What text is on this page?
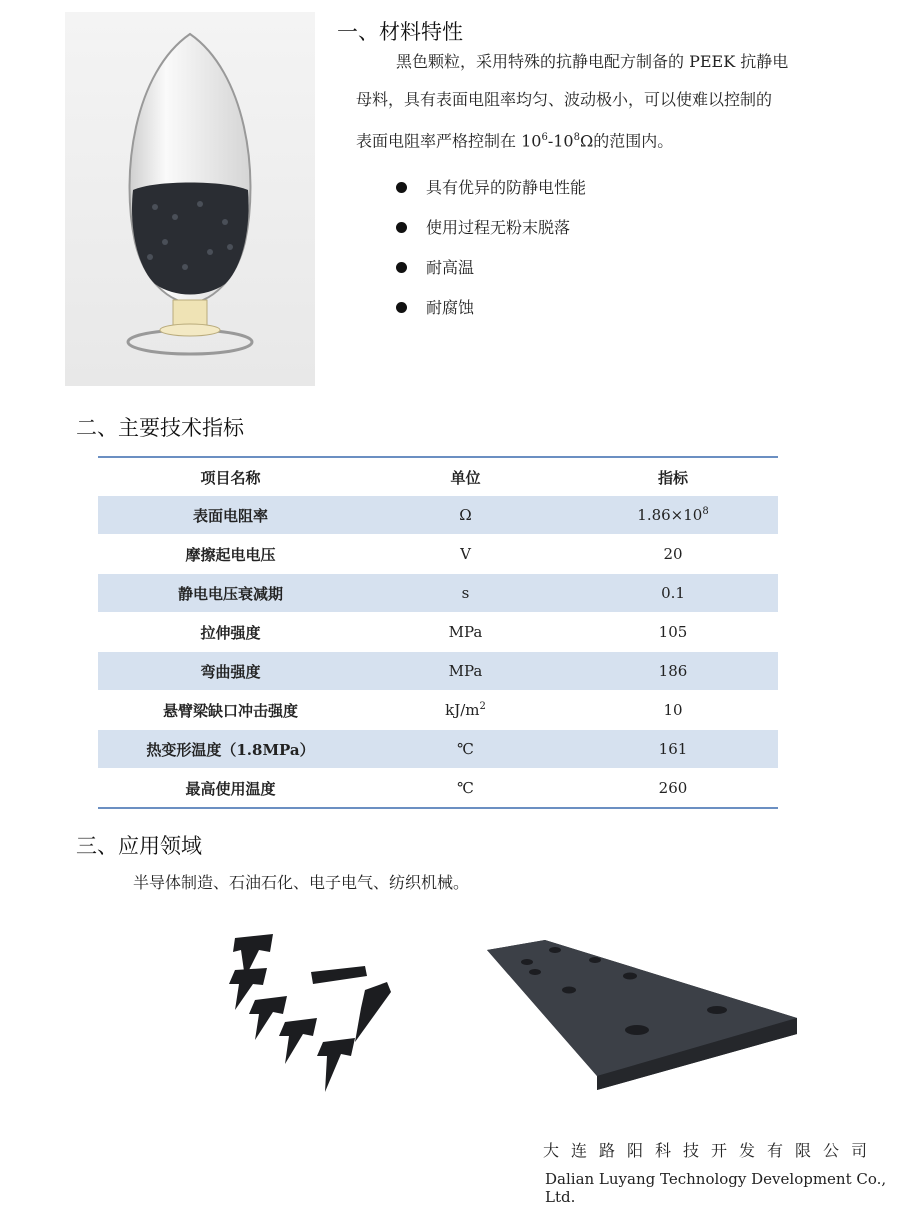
一、材料特性
黑色颗粒，采用特殊的抗静电配方制备的 PEEK 抗静电
母料，具有表面电阻率均匀、波动极小，可以使难以控制的
表面电阻率严格控制在 $10^6-10^8\Omega$的范围内。
具有优异的防静电性能
使用过程无粉末脱落
耐高温
耐腐蚀
二、主要技术指标
项目名称	单位	指标
表面电阻率	Ω	$1.86\times 10^8$
摩擦起电电压	V	20
静电电压衰减期	s	0.1
拉伸强度	MPa	105
弯曲强度	MPa	186
悬臂梁缺口冲击强度	$kJ/m^2$	10
热变形温度（1.8MPa）	℃	161
最高使用温度	℃	260
三、应用领域
半导体制造、石油石化、电子电气、纺织机械。
大连路阳科技开发有限公司
Dalian Luyang Technology Development Co., Ltd.
